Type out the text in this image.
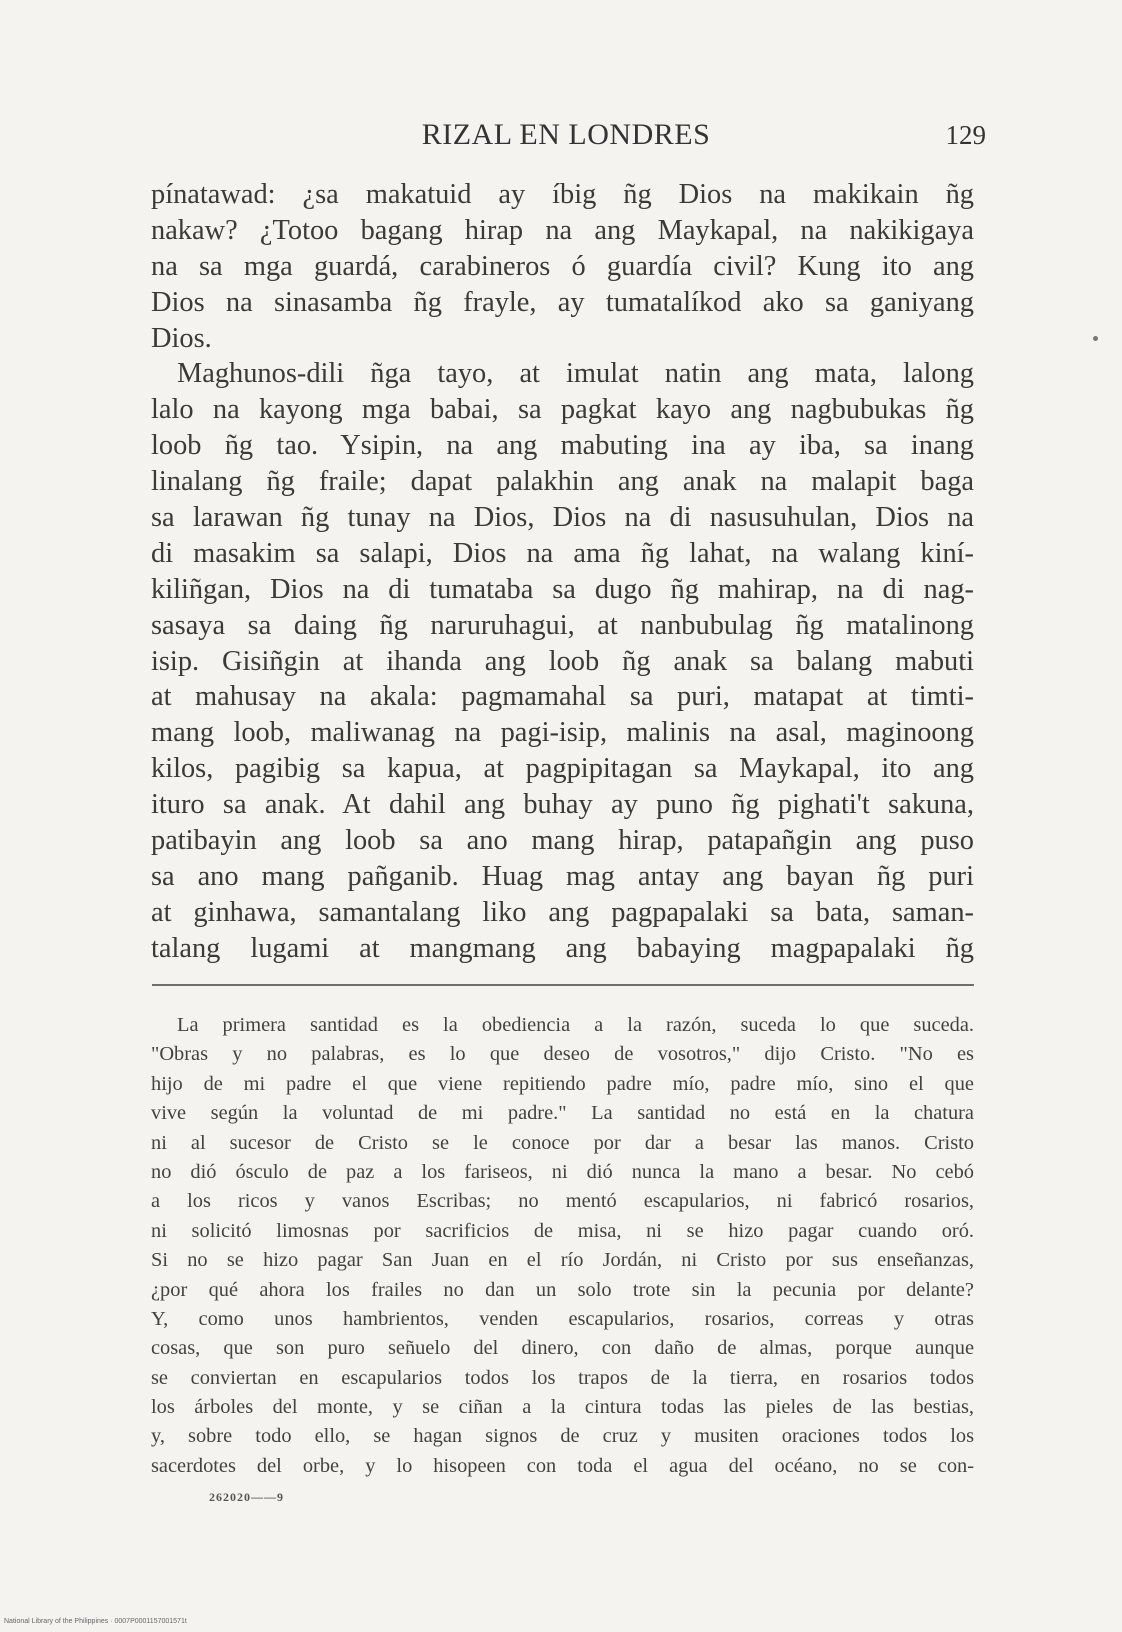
RIZAL EN LONDRES	129
pínatawad: ¿sa makatuid ay íbig ñg Dios na makikain ñg
nakaw? ¿Totoo bagang hirap na ang Maykapal, na nakikigaya
na sa mga guardá, carabineros ó guardía civil? Kung ito ang
Dios na sinasamba ñg frayle, ay tumatalíkod ako sa ganiyang
Dios.
Maghunos-dili ñga tayo, at imulat natin ang mata, lalong
lalo na kayong mga babai, sa pagkat kayo ang nagbubukas ñg
loob ñg tao. Ysipin, na ang mabuting ina ay iba, sa inang
linalang ñg fraile; dapat palakhin ang anak na malapit baga
sa larawan ñg tunay na Dios, Dios na di nasusuhulan, Dios na
di masakim sa salapi, Dios na ama ñg lahat, na walang kiní-
kiliñgan, Dios na di tumataba sa dugo ñg mahirap, na di nag-
sasaya sa daing ñg naruruhagui, at nanbubulag ñg matalinong
isip. Gisiñgin at ihanda ang loob ñg anak sa balang mabuti
at mahusay na akala: pagmamahal sa puri, matapat at timti-
mang loob, maliwanag na pagi-isip, malinis na asal, maginoong
kilos, pagibig sa kapua, at pagpipitagan sa Maykapal, ito ang
ituro sa anak. At dahil ang buhay ay puno ñg pighati't sakuna,
patibayin ang loob sa ano mang hirap, patapañgin ang puso
sa ano mang pañganib. Huag mag antay ang bayan ñg puri
at ginhawa, samantalang liko ang pagpapalaki sa bata, saman-
talang lugami at mangmang ang babaying magpapalaki ñg
La primera santidad es la obediencia a la razón, suceda lo que suceda.
"Obras y no palabras, es lo que deseo de vosotros," dijo Cristo. "No es
hijo de mi padre el que viene repitiendo padre mío, padre mío, sino el que
vive según la voluntad de mi padre." La santidad no está en la chatura
ni al sucesor de Cristo se le conoce por dar a besar las manos. Cristo
no dió ósculo de paz a los fariseos, ni dió nunca la mano a besar. No cebó
a los ricos y vanos Escribas; no mentó escapularios, ni fabricó rosarios,
ni solicitó limosnas por sacrificios de misa, ni se hizo pagar cuando oró.
Si no se hizo pagar San Juan en el río Jordán, ni Cristo por sus enseñanzas,
¿por qué ahora los frailes no dan un solo trote sin la pecunia por delante?
Y, como unos hambrientos, venden escapularios, rosarios, correas y otras
cosas, que son puro señuelo del dinero, con daño de almas, porque aunque
se conviertan en escapularios todos los trapos de la tierra, en rosarios todos
los árboles del monte, y se ciñan a la cintura todas las pieles de las bestias,
y, sobre todo ello, se hagan signos de cruz y musiten oraciones todos los
sacerdotes del orbe, y lo hisopeen con toda el agua del océano, no se con-
262020——9
National Library of the Philippines · 0007P0001157001571t
